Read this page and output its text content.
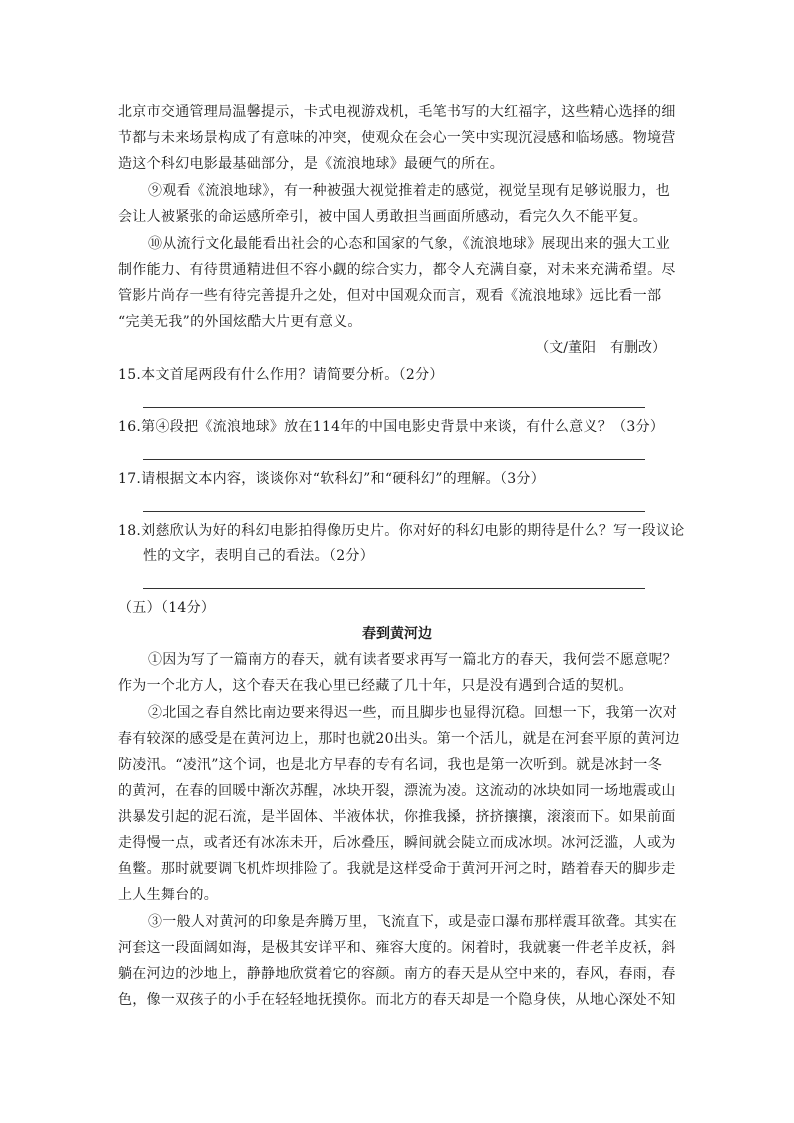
北京市交通管理局温馨提示，卡式电视游戏机，毛笔书写的大红福字，这些精心选择的细
节都与未来场景构成了有意味的冲突，使观众在会心一笑中实现沉浸感和临场感。物境营
造这个科幻电影最基础部分，是《流浪地球》最硬气的所在。
⑨观看《流浪地球》，有一种被强大视觉推着走的感觉，视觉呈现有足够说服力，也
会让人被紧张的命运感所牵引，被中国人勇敢担当画面所感动，看完久久不能平复。
⑩从流行文化最能看出社会的心态和国家的气象，《流浪地球》展现出来的强大工业
制作能力、有待贯通精进但不容小觑的综合实力，都令人充满自豪，对未来充满希望。尽
管影片尚存一些有待完善提升之处，但对中国观众而言，观看《流浪地球》远比看一部
“完美无我”的外国炫酷大片更有意义。
（文/董阳　有删改）
15.本文首尾两段有什么作用？请简要分析。（2分）
16.第④段把《流浪地球》放在114年的中国电影史背景中来谈，有什么意义？（3分）
17.请根据文本内容，谈谈你对“软科幻”和“硬科幻”的理解。（3分）
18.刘慈欣认为好的科幻电影拍得像历史片。你对好的科幻电影的期待是什么？写一段议论
性的文字，表明自己的看法。（2分）
（五）（14分）
春到黄河边
①因为写了一篇南方的春天，就有读者要求再写一篇北方的春天，我何尝不愿意呢？
作为一个北方人，这个春天在我心里已经藏了几十年，只是没有遇到合适的契机。
②北国之春自然比南边要来得迟一些，而且脚步也显得沉稳。回想一下，我第一次对
春有较深的感受是在黄河边上，那时也就20出头。第一个活儿，就是在河套平原的黄河边
防凌汛。“凌汛”这个词，也是北方早春的专有名词，我也是第一次听到。就是冰封一冬
的黄河，在春的回暖中渐次苏醒，冰块开裂，漂流为凌。这流动的冰块如同一场地震或山
洪暴发引起的泥石流，是半固体、半液体状，你推我搡，挤挤攘攘，滚滚而下。如果前面
走得慢一点，或者还有冰冻未开，后冰叠压，瞬间就会陡立而成冰坝。冰河泛滥，人或为
鱼鳖。那时就要调飞机炸坝排险了。我就是这样受命于黄河开河之时，踏着春天的脚步走
上人生舞台的。
③一般人对黄河的印象是奔腾万里，飞流直下，或是壶口瀑布那样震耳欲聋。其实在
河套这一段面阔如海，是极其安详平和、雍容大度的。闲着时，我就裹一件老羊皮袄，斜
躺在河边的沙地上，静静地欣赏着它的容颜。南方的春天是从空中来的，春风，春雨，春
色，像一双孩子的小手在轻轻地抚摸你。而北方的春天却是一个隐身侠，从地心深处不知
